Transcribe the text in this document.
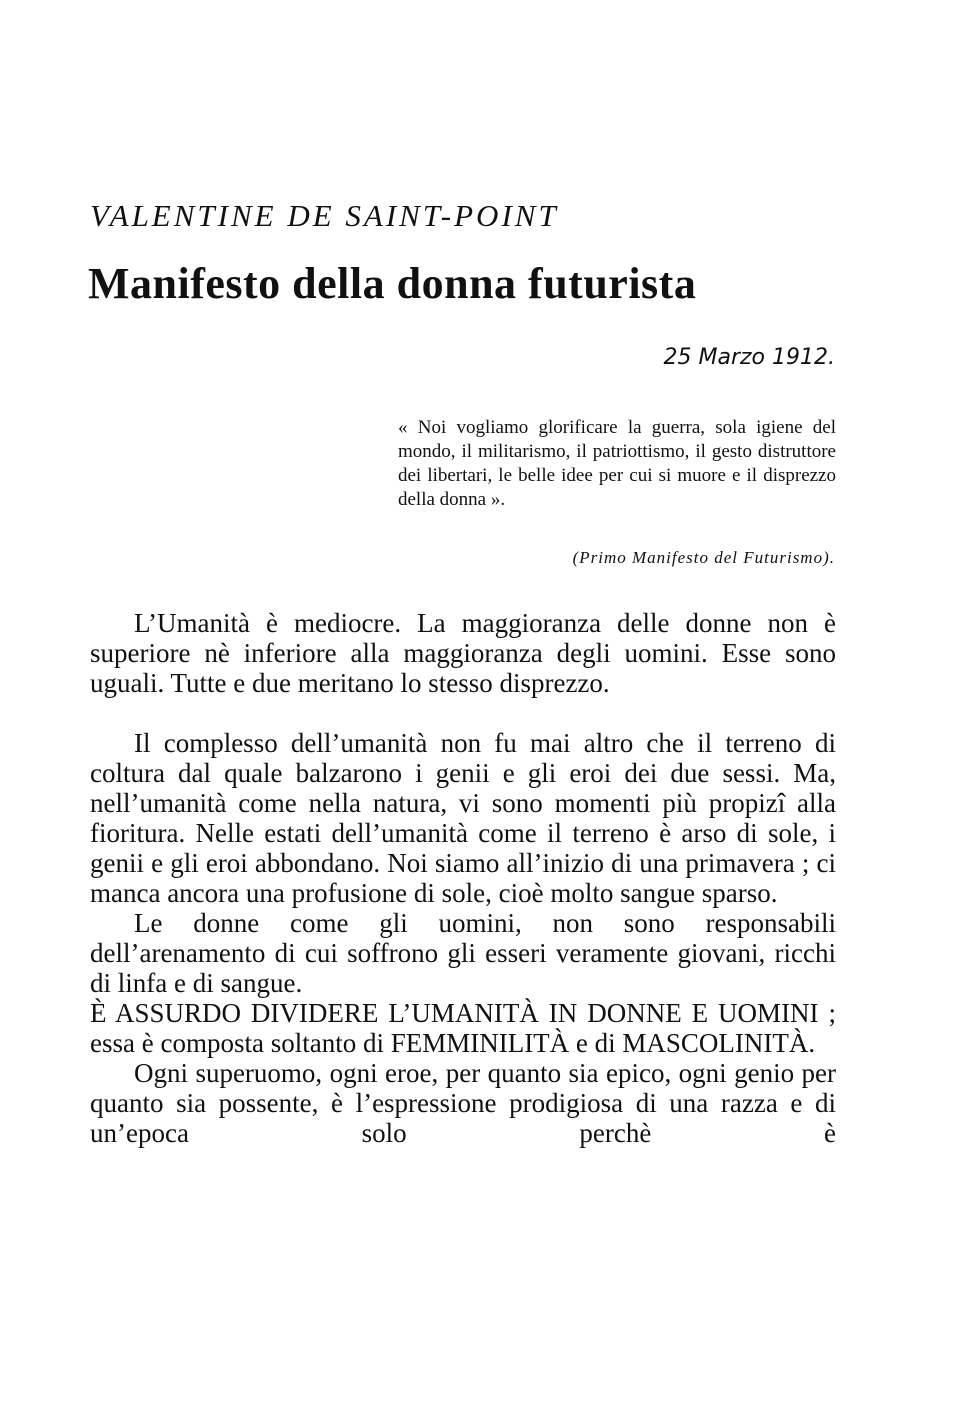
VALENTINE DE SAINT-POINT
Manifesto della donna futurista
25 Marzo 1912.
« Noi vogliamo glorificare la guerra, sola igiene del mondo, il militarismo, il patriottismo, il gesto distruttore dei libertari, le belle idee per cui si muore e il disprezzo della donna ».
(Primo Manifesto del Futurismo).

L’Umanità è mediocre. La maggioranza delle donne non è superiore nè inferiore alla maggioranza degli uomini. Esse sono uguali. Tutte e due meritano lo stesso disprezzo.

Il complesso dell’umanità non fu mai altro che il terreno di coltura dal quale balzarono i genii e gli eroi dei due sessi. Ma, nell’umanità come nella natura, vi sono momenti più propizî alla fioritura. Nelle estati dell’umanità come il terreno è arso di sole, i genii e gli eroi abbondano. Noi siamo all’inizio di una primavera ; ci manca ancora una profusione di sole, cioè molto sangue sparso.

Le donne come gli uomini, non sono responsabili dell’arenamento di cui soffrono gli esseri veramente giovani, ricchi di linfa e di sangue.

È ASSURDO DIVIDERE L’UMANITÀ IN DONNE E UOMINI ; essa è composta soltanto di FEMMINILITÀ e di MASCOLINITÀ.

Ogni superuomo, ogni eroe, per quanto sia epico, ogni genio per quanto sia possente, è l’espressione prodigiosa di una razza e di un’epoca solo perchè è
